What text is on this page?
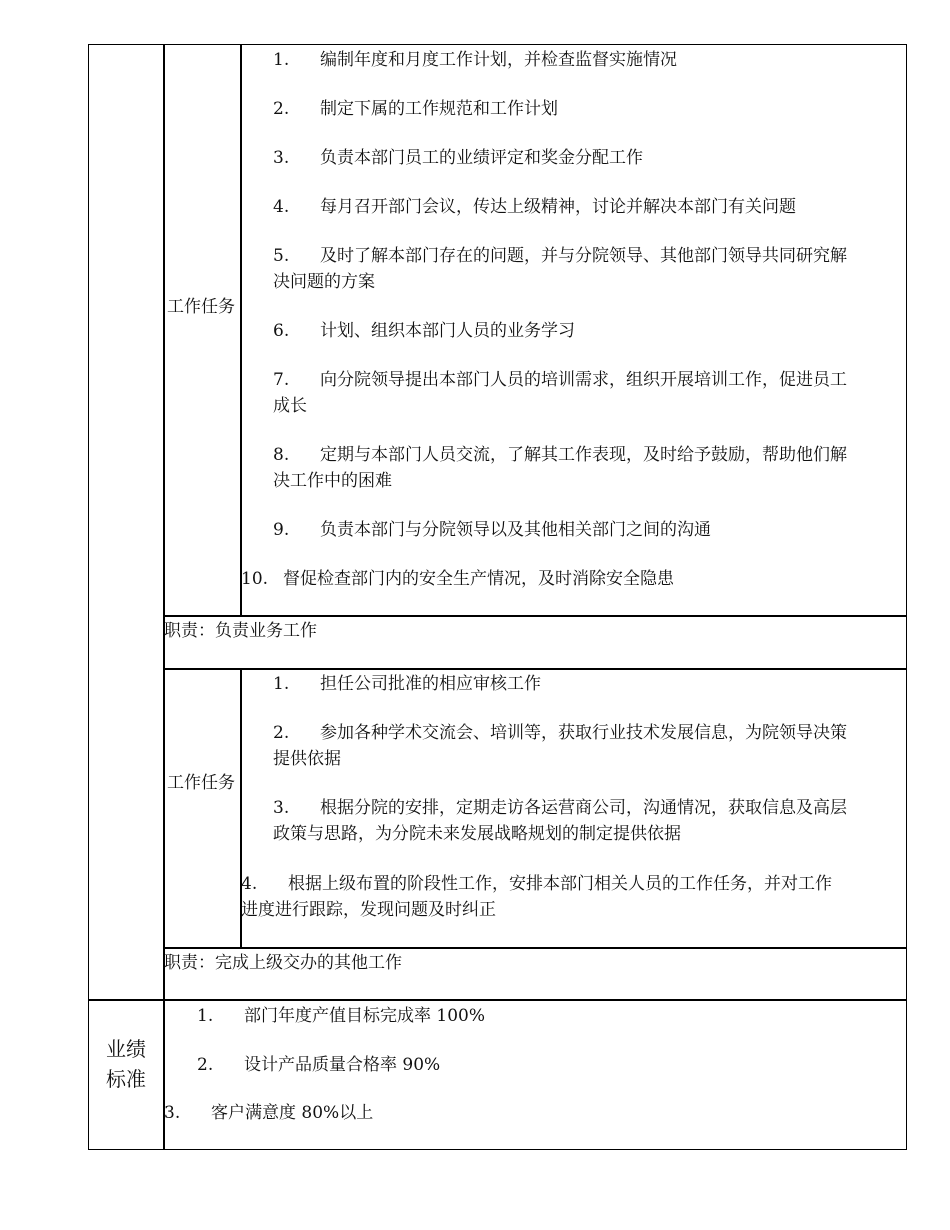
工作任务
1. 编制年度和月度工作计划，并检查监督实施情况
2. 制定下属的工作规范和工作计划
3. 负责本部门员工的业绩评定和奖金分配工作
4. 每月召开部门会议，传达上级精神，讨论并解决本部门有关问题
5. 及时了解本部门存在的问题，并与分院领导、其他部门领导共同研究解
决问题的方案
6. 计划、组织本部门人员的业务学习
7. 向分院领导提出本部门人员的培训需求，组织开展培训工作，促进员工
成长
8. 定期与本部门人员交流，了解其工作表现，及时给予鼓励，帮助他们解
决工作中的困难
9. 负责本部门与分院领导以及其他相关部门之间的沟通
10. 督促检查部门内的安全生产情况，及时消除安全隐患
职责：负责业务工作
工作任务
1. 担任公司批准的相应审核工作
2. 参加各种学术交流会、培训等，获取行业技术发展信息，为院领导决策
提供依据
3. 根据分院的安排，定期走访各运营商公司，沟通情况，获取信息及高层
政策与思路，为分院未来发展战略规划的制定提供依据
4. 根据上级布置的阶段性工作，安排本部门相关人员的工作任务，并对工作
进度进行跟踪，发现问题及时纠正
职责：完成上级交办的其他工作
业绩标准
1. 部门年度产值目标完成率 100%
2. 设计产品质量合格率 90%
3. 客户满意度 80%以上
